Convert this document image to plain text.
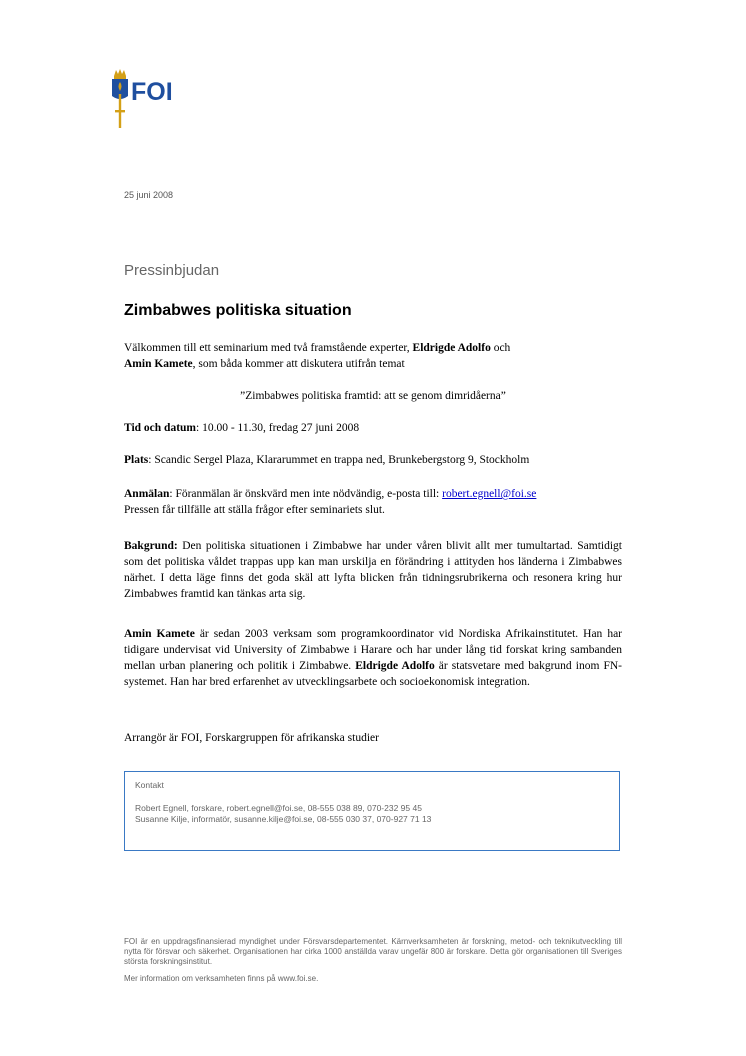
FOI
25 juni 2008
Pressinbjudan
Zimbabwes politiska situation

Välkommen till ett seminarium med två framstående experter, Eldrigde Adolfo och
Amin Kamete, som båda kommer att diskutera utifrån temat

”Zimbabwes politiska framtid: att se genom dimridåerna”

Tid och datum: 10.00 - 11.30, fredag 27 juni 2008

Plats: Scandic Sergel Plaza, Klararummet en trappa ned, Brunkebergstorg 9, Stockholm

Anmälan: Föranmälan är önskvärd men inte nödvändig, e-posta till: robert.egnell@foi.se
Pressen får tillfälle att ställa frågor efter seminariets slut.

Bakgrund: Den politiska situationen i Zimbabwe har under våren blivit allt mer tumultartad. Samtidigt som det politiska våldet trappas upp kan man urskilja en förändring i attityden hos länderna i Zimbabwes närhet. I detta läge finns det goda skäl att lyfta blicken från tidningsrubrikerna och resonera kring hur Zimbabwes framtid kan tänkas arta sig.

Amin Kamete är sedan 2003 verksam som programkoordinator vid Nordiska Afrikainstitutet. Han har tidigare undervisat vid University of Zimbabwe i Harare och har under lång tid forskat kring sambanden mellan urban planering och politik i Zimbabwe. Eldrigde Adolfo är statsvetare med bakgrund inom FN-systemet. Han har bred erfarenhet av utvecklingsarbete och socioekonomisk integration.

Arrangör är FOI, Forskargruppen för afrikanska studier

Kontakt
Robert Egnell, forskare, robert.egnell@foi.se, 08-555 038 89, 070-232 95 45
Susanne Kilje, informatör, susanne.kilje@foi.se, 08-555 030 37, 070-927 71 13

FOI är en uppdragsfinansierad myndighet under Försvarsdepartementet. Kärnverksamheten är forskning, metod- och teknikutveckling till nytta för försvar och säkerhet. Organisationen har cirka 1000 anställda varav ungefär 800 är forskare. Detta gör organisationen till Sveriges största forskningsinstitut.

Mer information om verksamheten finns på www.foi.se.
